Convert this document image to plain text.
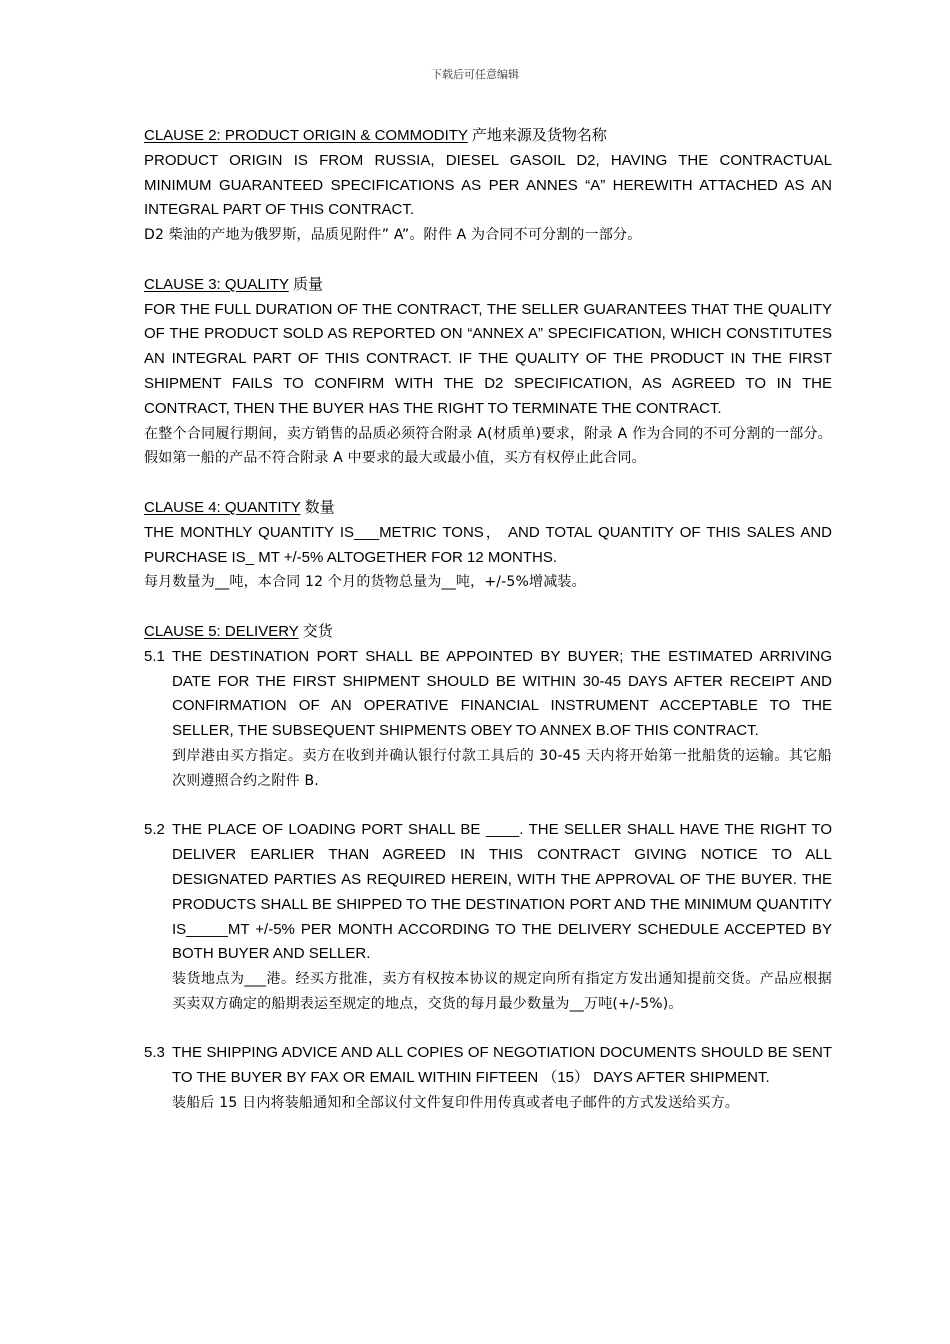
下载后可任意编辑
CLAUSE 2: PRODUCT ORIGIN & COMMODITY 产地来源及货物名称
PRODUCT ORIGIN IS FROM RUSSIA, DIESEL GASOIL D2, HAVING THE CONTRACTUAL MINIMUM GUARANTEED SPECIFICATIONS AS PER ANNES “A” HEREWITH ATTACHED AS AN INTEGRAL PART OF THIS CONTRACT.
D2 柴油的产地为俄罗斯，品质见附件” A”。附件 A 为合同不可分割的一部分。
CLAUSE 3: QUALITY 质量
FOR THE FULL DURATION OF THE CONTRACT, THE SELLER GUARANTEES THAT THE QUALITY OF THE PRODUCT SOLD AS REPORTED ON “ANNEX A” SPECIFICATION, WHICH CONSTITUTES AN INTEGRAL PART OF THIS CONTRACT. IF THE QUALITY OF THE PRODUCT IN THE FIRST SHIPMENT FAILS TO CONFIRM WITH THE D2 SPECIFICATION, AS AGREED TO IN THE CONTRACT, THEN THE BUYER HAS THE RIGHT TO TERMINATE THE CONTRACT.
在整个合同履行期间，卖方销售的品质必须符合附录 A(材质单)要求，附录 A 作为合同的不可分割的一部分。假如第一船的产品不符合附录 A 中要求的最大或最小值，买方有权停止此合同。
CLAUSE 4: QUANTITY 数量
THE MONTHLY QUANTITY IS___METRIC TONS， AND TOTAL QUANTITY OF THIS SALES AND PURCHASE IS_ MT +/-5% ALTOGETHER FOR 12 MONTHS.
每月数量为__吨，本合同 12 个月的货物总量为__吨，+/-5%增减装。
CLAUSE 5: DELIVERY 交货
5.1 THE DESTINATION PORT SHALL BE APPOINTED BY BUYER; THE ESTIMATED ARRIVING DATE FOR THE FIRST SHIPMENT SHOULD BE WITHIN 30-45 DAYS AFTER RECEIPT AND CONFIRMATION OF AN OPERATIVE FINANCIAL INSTRUMENT ACCEPTABLE TO THE SELLER, THE SUBSEQUENT SHIPMENTS OBEY TO ANNEX B.OF THIS CONTRACT.
到岸港由买方指定。卖方在收到并确认银行付款工具后的 30-45 天内将开始第一批船货的运输。其它船次则遵照合约之附件 B.
5.2 THE PLACE OF LOADING PORT SHALL BE ____. THE SELLER SHALL HAVE THE RIGHT TO DELIVER EARLIER THAN AGREED IN THIS CONTRACT GIVING NOTICE TO ALL DESIGNATED PARTIES AS REQUIRED HEREIN, WITH THE APPROVAL OF THE BUYER. THE PRODUCTS SHALL BE SHIPPED TO THE DESTINATION PORT AND THE MINIMUM QUANTITY IS_____MT +/-5% PER MONTH ACCORDING TO THE DELIVERY SCHEDULE ACCEPTED BY BOTH BUYER AND SELLER.
装货地点为___港。经买方批准，卖方有权按本协议的规定向所有指定方发出通知提前交货。产品应根据买卖双方确定的船期表运至规定的地点，交货的每月最少数量为__万吨(+/-5%)。
5.3 THE SHIPPING ADVICE AND ALL COPIES OF NEGOTIATION DOCUMENTS SHOULD BE SENT TO THE BUYER BY FAX OR EMAIL WITHIN FIFTEEN （15） DAYS AFTER SHIPMENT.
装船后 15 日内将装船通知和全部议付文件复印件用传真或者电子邮件的方式发送给买方。
